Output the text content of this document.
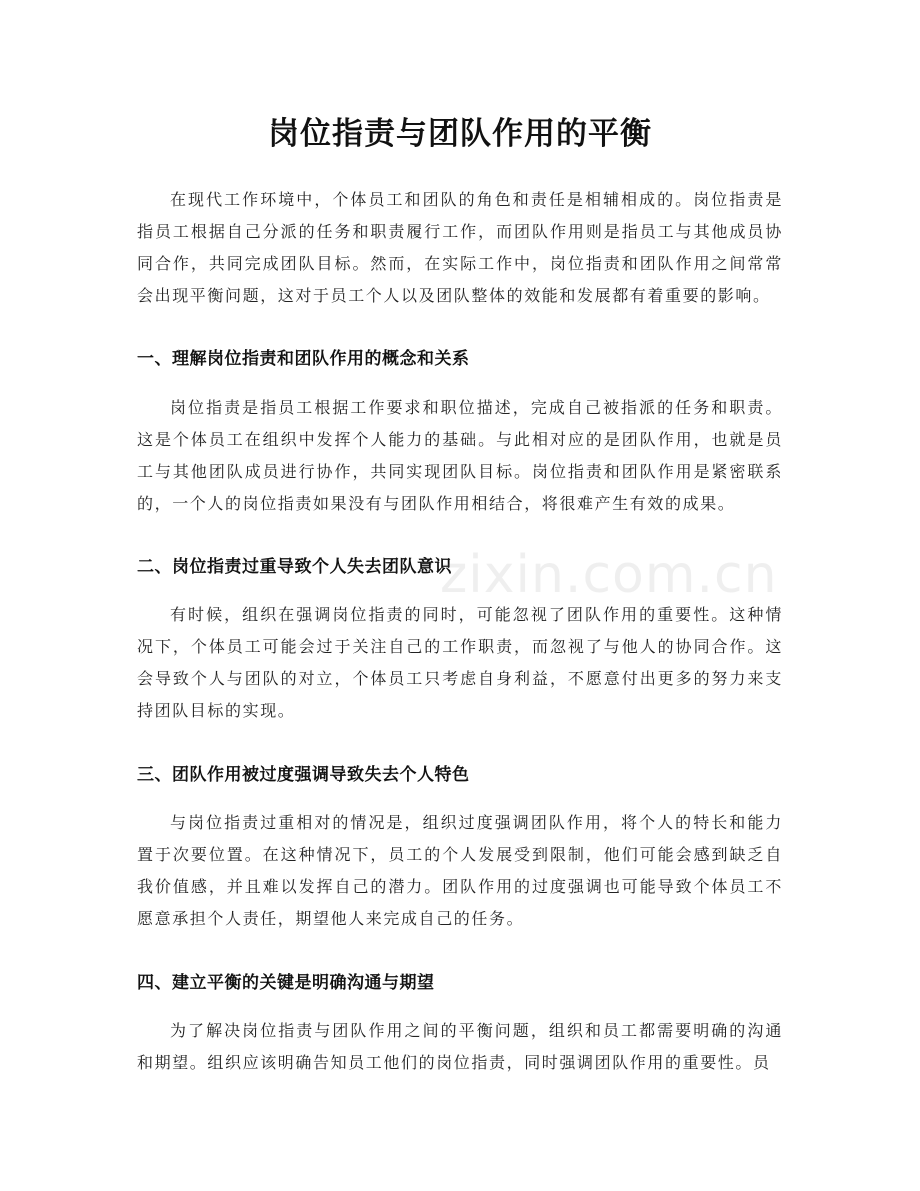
岗位指责与团队作用的平衡

在现代工作环境中，个体员工和团队的角色和责任是相辅相成的。岗位指责是指员工根据自己分派的任务和职责履行工作，而团队作用则是指员工与其他成员协同合作，共同完成团队目标。然而，在实际工作中，岗位指责和团队作用之间常常会出现平衡问题，这对于员工个人以及团队整体的效能和发展都有着重要的影响。

一、理解岗位指责和团队作用的概念和关系

岗位指责是指员工根据工作要求和职位描述，完成自己被指派的任务和职责。这是个体员工在组织中发挥个人能力的基础。与此相对应的是团队作用，也就是员工与其他团队成员进行协作，共同实现团队目标。岗位指责和团队作用是紧密联系的，一个人的岗位指责如果没有与团队作用相结合，将很难产生有效的成果。

二、岗位指责过重导致个人失去团队意识

有时候，组织在强调岗位指责的同时，可能忽视了团队作用的重要性。这种情况下，个体员工可能会过于关注自己的工作职责，而忽视了与他人的协同合作。这会导致个人与团队的对立，个体员工只考虑自身利益，不愿意付出更多的努力来支持团队目标的实现。

三、团队作用被过度强调导致失去个人特色

与岗位指责过重相对的情况是，组织过度强调团队作用，将个人的特长和能力置于次要位置。在这种情况下，员工的个人发展受到限制，他们可能会感到缺乏自我价值感，并且难以发挥自己的潜力。团队作用的过度强调也可能导致个体员工不愿意承担个人责任，期望他人来完成自己的任务。

四、建立平衡的关键是明确沟通与期望

为了解决岗位指责与团队作用之间的平衡问题，组织和员工都需要明确的沟通和期望。组织应该明确告知员工他们的岗位指责，同时强调团队作用的重要性。员

zixin.com.cn
